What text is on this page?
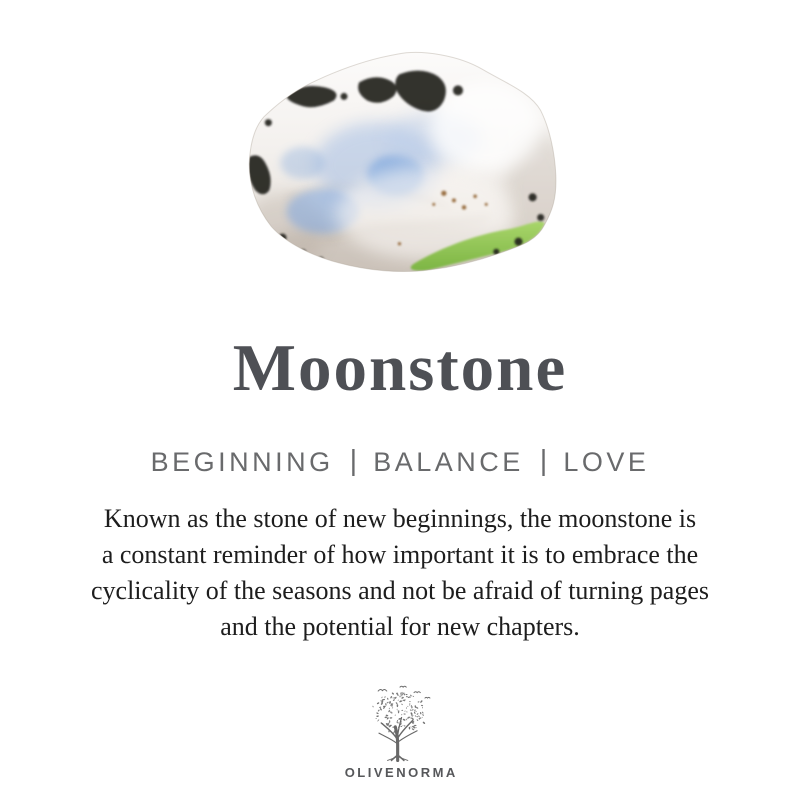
Moonstone
BEGINNING | BALANCE | LOVE
Known as the stone of new beginnings, the moonstone is
a constant reminder of how important it is to embrace the
cyclicality of the seasons and not be afraid of turning pages
and the potential for new chapters.
OLIVENORMA
